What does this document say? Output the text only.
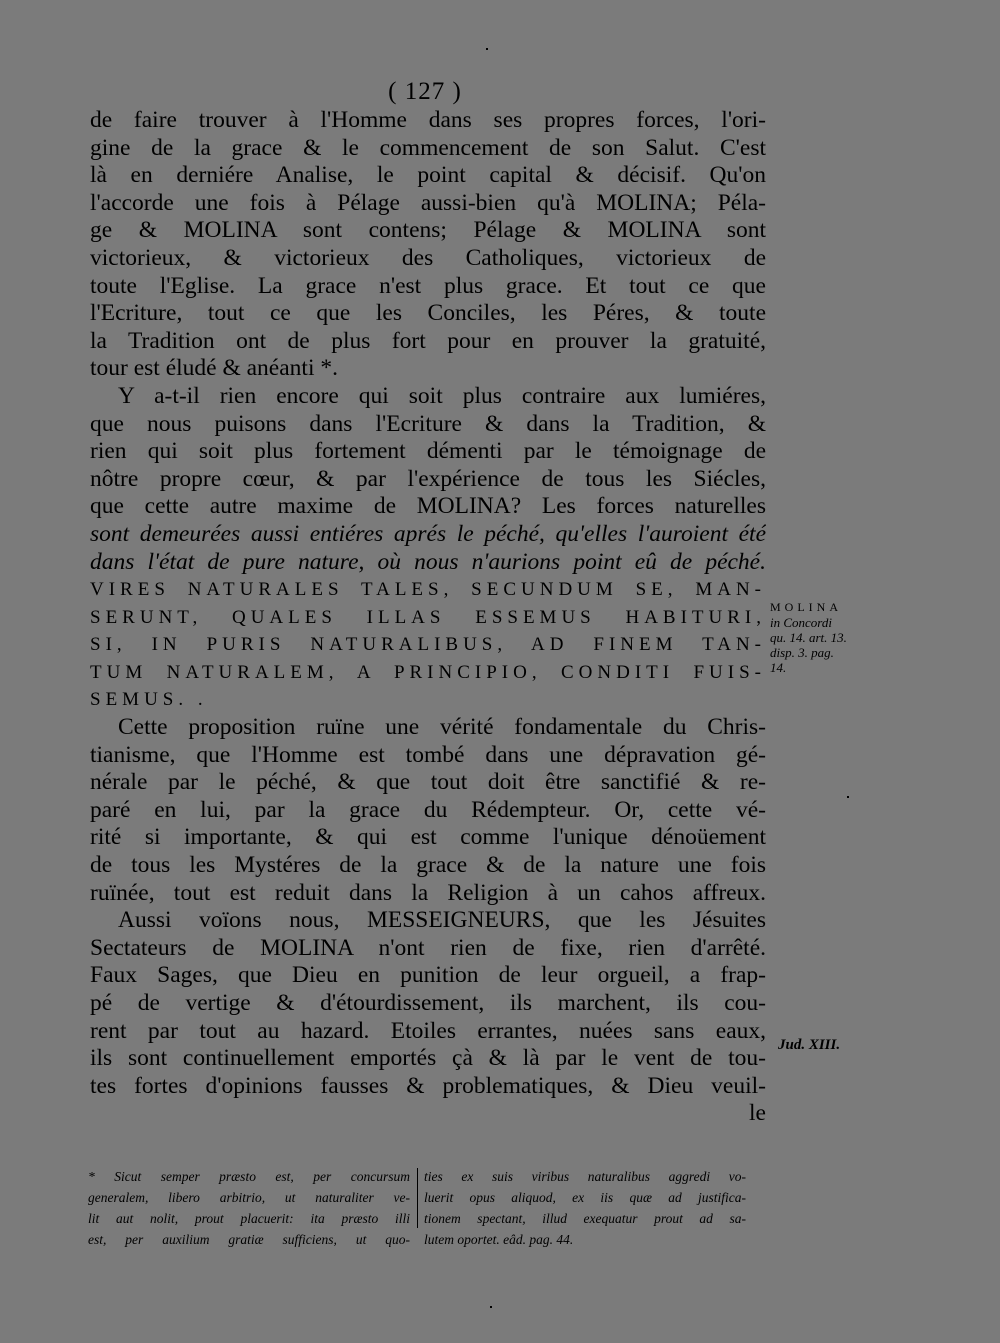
( 127 )
de faire trouver à l'Homme dans ses propres forces, l'ori-
gine de la grace & le commencement de son Salut. C'est
là en derniére Analise, le point capital & décisif. Qu'on
l'accorde une fois à Pélage aussi-bien qu'à MOLINA; Péla-
ge & MOLINA sont contens; Pélage & MOLINA sont
victorieux, & victorieux des Catholiques, victorieux de
toute l'Eglise. La grace n'est plus grace. Et tout ce que
l'Ecriture, tout ce que les Conciles, les Péres, & toute
la Tradition ont de plus fort pour en prouver la gratuité,
tour est éludé & anéanti *.
Y a-t-il rien encore qui soit plus contraire aux lumiéres,
que nous puisons dans l'Ecriture & dans la Tradition, &
rien qui soit plus fortement démenti par le témoignage de
nôtre propre cœur, & par l'expérience de tous les Siécles,
que cette autre maxime de MOLINA? Les forces naturelles
sont demeurées aussi entiéres aprés le péché, qu'elles l'auroient été
dans l'état de pure nature, où nous n'aurions point eû de péché.
VIRES NATURALES TALES, SECUNDUM SE, MAN-
SERUNT, QUALES ILLAS ESSEMUS HABITURI,
SI, IN PURIS NATURALIBUS, AD FINEM TAN-
TUM NATURALEM, A PRINCIPIO, CONDITI FUIS-
SEMUS. .
Cette proposition ruïne une vérité fondamentale du Chris-
tianisme, que l'Homme est tombé dans une dépravation gé-
nérale par le péché, & que tout doit être sanctifié & re-
paré en lui, par la grace du Rédempteur. Or, cette vé-
rité si importante, & qui est comme l'unique dénoüement
de tous les Mystéres de la grace & de la nature une fois
ruïnée, tout est reduit dans la Religion à un cahos affreux.
Aussi voïons nous, MESSEIGNEURS, que les Jésuites
Sectateurs de MOLINA n'ont rien de fixe, rien d'arrêté.
Faux Sages, que Dieu en punition de leur orgueil, a frap-
pé de vertige & d'étourdissement, ils marchent, ils cou-
rent par tout au hazard. Etoiles errantes, nuées sans eaux,
ils sont continuellement emportés çà & là par le vent de tou-
tes fortes d'opinions fausses & problematiques, & Dieu veuil-
le
MOLINA
in Concordi
qu. 14. art. 13.
disp. 3. pag.
14.
Jud. XIII.
* Sicut semper præsto est, per concursum
generalem, libero arbitrio, ut naturaliter ve-
lit aut nolit, prout placuerit: ita præsto illi
est, per auxilium gratiæ sufficiens, ut quo-
ties ex suis viribus naturalibus aggredi vo-
luerit opus aliquod, ex iis quæ ad justifica-
tionem spectant, illud exequatur prout ad sa-
lutem oportet. eâd. pag. 44.
